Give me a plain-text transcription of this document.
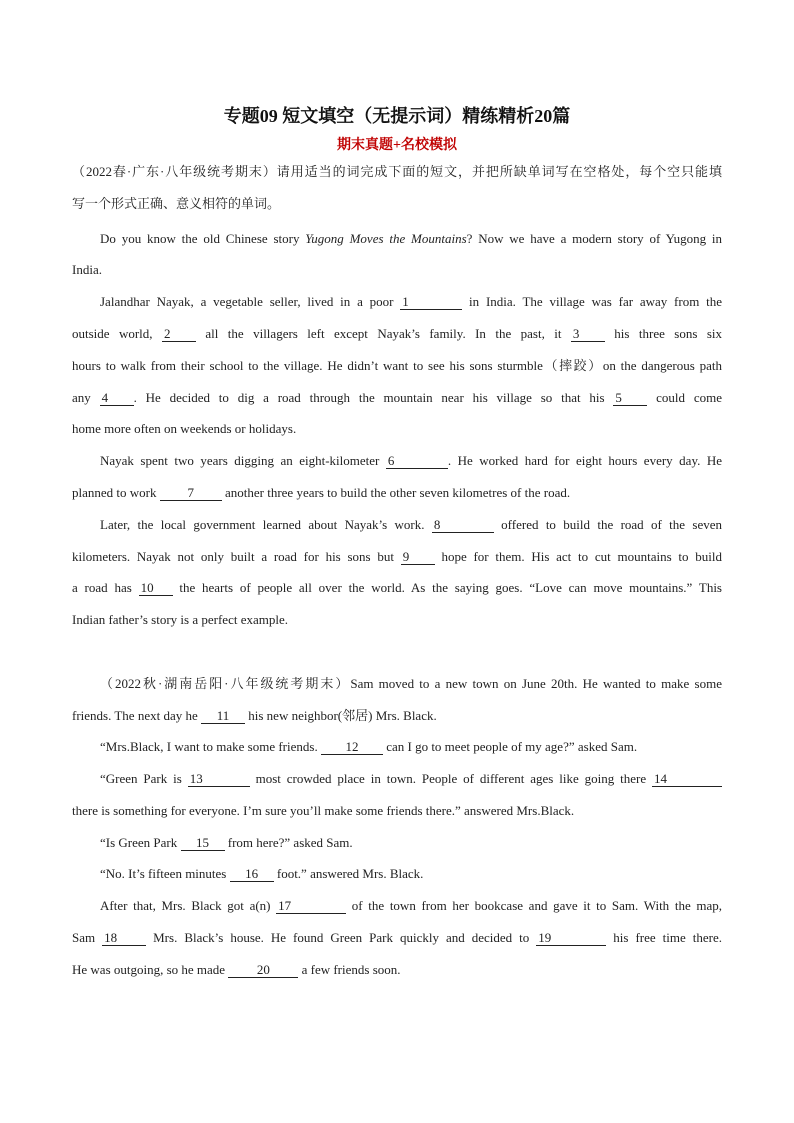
专题09 短文填空（无提示词）精练精析20篇
期末真题+名校模拟
（2022春·广东·八年级统考期末）请用适当的词完成下面的短文，并把所缺单词写在空格处，每个空只能填
写一个形式正确、意义相符的单词。
Do you know the old Chinese story Yugong Moves the Mountains? Now we have a modern story of Yugong in
India.
Jalandhar Nayak, a vegetable seller, lived in a poor 1	in India. The village was far away from the
outside world, 2 all the villagers left except Nayak’s family. In the past, it 3 his three sons six
hours to walk from their school to the village. He didn’t want to see his sons sturmble（摔跤）on the dangerous path
any 4 . He decided to dig a road through the mountain near his village so that his 5 could come
home more often on weekends or holidays.
Nayak spent two years digging an eight-kilometer 6	. He worked hard for eight hours every day. He
planned to work 7 another three years to build the other seven kilometres of the road.
Later, the local government learned about Nayak’s work. 8	offered to build the road of the seven
kilometers. Nayak not only built a road for his sons but 9 hope for them. His act to cut mountains to build
a road has 10 the hearts of people all over the world. As the saying goes. “Love can move mountains.” This
Indian father’s story is a perfect example.
（2022秋·湖南岳阳·八年级统考期末）Sam moved to a new town on June 20th. He wanted to make some
friends. The next day he 11 his new neighbor(邻居) Mrs. Black.
“Mrs.Black, I want to make some friends. 12 can I go to meet people of my age?” asked Sam.
“Green Park is 13	most crowded place in town. People of different ages like going there 14
there is something for everyone. I’m sure you’ll make some friends there.” answered Mrs.Black.
“Is Green Park 15 from here?” asked Sam.
“No. It’s fifteen minutes 16 foot.” answered Mrs. Black.
After that, Mrs. Black got a(n) 17	of the town from her bookcase and gave it to Sam. With the map,
Sam 18 Mrs. Black’s house. He found Green Park quickly and decided to 19	his free time there.
He was outgoing, so he made 20 a few friends soon.
